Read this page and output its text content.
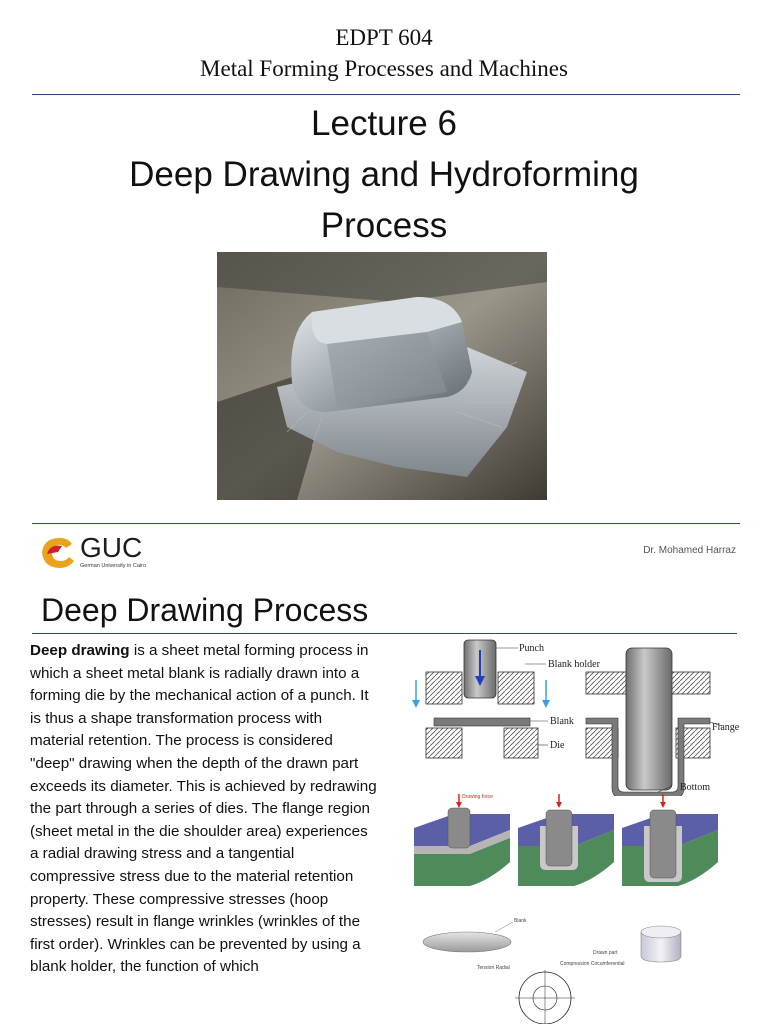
EDPT 604
Metal Forming Processes and Machines
Lecture 6
Deep Drawing and Hydroforming
Process
GUC
German University in Cairo
Dr. Mohamed Harraz
Deep Drawing Process
Deep drawing is a sheet metal forming process in which a sheet metal blank is radially drawn into a forming die by the mechanical action of a punch. It is thus a shape transformation process with material retention. The process is considered "deep" drawing when the depth of the drawn part exceeds its diameter. This is achieved by redrawing the part through a series of dies. The flange region (sheet metal in the die shoulder area) experiences a radial drawing stress and a tangential compressive stress due to the material retention property. These compressive stresses (hoop stresses) result in flange wrinkles (wrinkles of the first order). Wrinkles can be prevented by using a blank holder, the function of which
Punch
Blank holder
Blank
Die
Flange
Bottom
Drawing force
Blank
Drawn part
Tension Radial
Compression Circumferential
